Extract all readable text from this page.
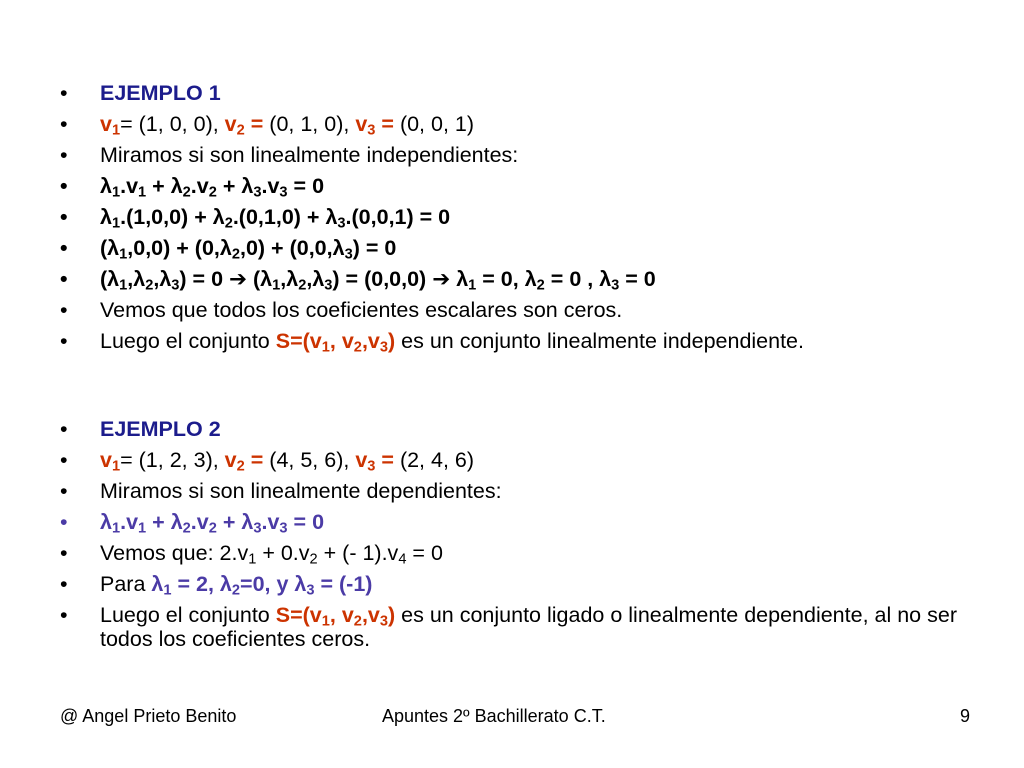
•	EJEMPLO 1
•	$v_1= (1$, 0, 0), $v_2 = (0$, 1, 0), $v_3 = (0$, 0, 1)
•	Miramos si son linealmente independientes:
•	$\lambda_1.v_1 + \lambda_2.v_2 + \lambda_3.v_3 = 0$
•	$\lambda_1.(1,0,0) + \lambda_2.(0,1,0) + \lambda_3.(0,0,1) = 0$
•	$(\lambda_1,0,0) + (0,\lambda_2,0) + (0,0,\lambda_3) = 0$
•	$(\lambda_1,\lambda_2,\lambda_3) = 0$ ➔ $(\lambda_1,\lambda_2,\lambda_3) = (0,0,0)$ ➔ $\lambda_1 = 0$, $\lambda_2 = 0$ , $\lambda_3 = 0$
•	Vemos que todos los coeficientes escalares son ceros.
•	Luego el conjunto $S=(v_1$, $v_2,v_3$) es un conjunto linealmente independiente.
•	EJEMPLO 2
•	$v_1= (1$, 2, 3), $v_2 = (4$, 5, 6), $v_3 = (2$, 4, 6)
•	Miramos si son linealmente dependientes:
•	$\lambda_1.v_1 + \lambda_2.v_2 + \lambda_3.v_3 = 0$
•	Vemos que: $2.v_1 + 0.v_2$ + (- $1).v_4 = 0$
•	Para $\lambda_1 = 2$, $\lambda_2=0$, y $\lambda_3 = (-1)$
•	Luego el conjunto $S=(v_1$, $v_2,v_3$) es un conjunto ligado o linealmente dependiente, al no ser todos los coeficientes ceros.
@ Angel Prieto Benito	Apuntes 2º Bachillerato C.T.	9
